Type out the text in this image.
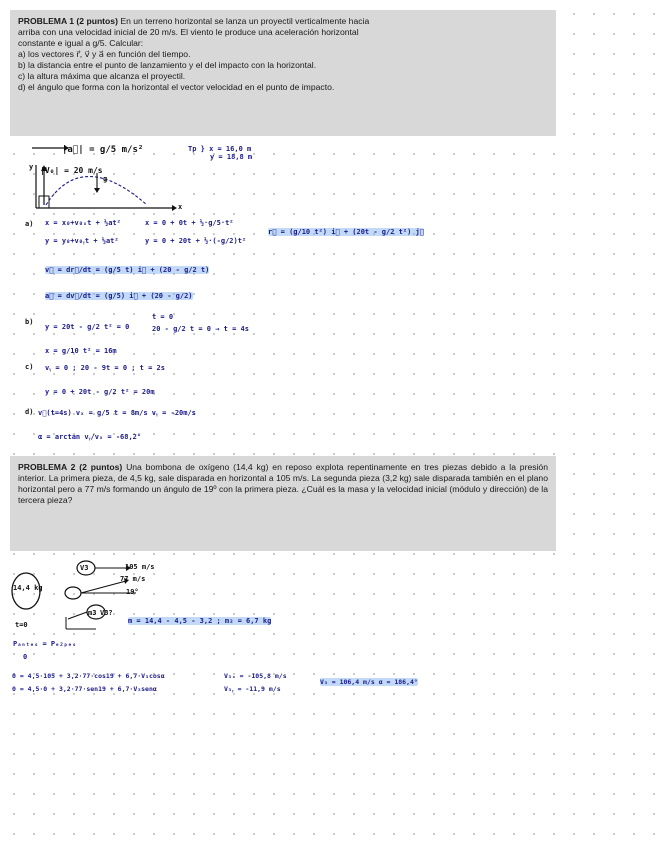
PROBLEMA 1 (2 puntos) En un terreno horizontal se lanza un proyectil verticalmente hacia
arriba con una velocidad inicial de 20 m/s. El viento le produce una aceleración horizontal
constante e igual a g/5. Calcular:
a) los vectores r⃗, v⃗ y a⃗ en función del tiempo.
b) la distancia entre el punto de lanzamiento y el del impacto con la horizontal.
c) la altura máxima que alcanza el proyectil.
d) el ángulo que forma con la horizontal el vector velocidad en el punto de impacto.
|a⃗| = g/5 m/s²	Tp } x = 16,0 m
y = 18,8 m
|V₀| = 20 m/s
g
y
x
a) x = x₀+v₀ₓt + ½at²
y = y₀+v₀ᵧt + ½at²
x = 0 + 0t + ½·g/5·t²
y = 0 + 20t + ½·(-g/2)t²
r⃗ = (g/10 t²) i⃗ + (20t - g/2 t²) j⃗
v⃗ = dr⃗/dt = (g/5 t) i⃗ + (20 - g/2 t)
a⃗ = dv⃗/dt = (g/5) i⃗ + (20 - g/2)
b)
y = 20t - g/2 t² = 0
t = 0
20 - g/2 t = 0 → t = 4s
x = g/10 t² = 16m
c) vᵧ = 0 ; 20 - 9t = 0 ; t = 2s
y = 0 + 20t - g/2 t² = 20m
d) v⃗(t=4s) vₓ = g/5 t = 8m/s vᵧ = -20m/s
α = arctan vᵧ/vₓ = -68,2°
PROBLEMA 2 (2 puntos) Una bombona de oxígeno (14,4 kg) en reposo explota repentinamente en tres piezas debido a la presión interior. La primera pieza, de 4,5 kg, sale disparada en horizontal a 105 m/s. La segunda pieza (3,2 kg) sale disparada también en el plano horizontal pero a 77 m/s formando un ángulo de 19º con la primera pieza. ¿Cuál es la masa y la velocidad inicial (módulo y dirección) de la tercera pieza?
105 m/s
77 m/s
V3
14,4 kg	19°
t=0
m3 V3?
m = 14,4 - 4,5 - 3,2 ; m₃ = 6,7 kg
Pₐₙₜₑₛ = Pₑ₂ₚₑₛ
0
0 = 4,5·105 + 3,2·77·cos19 + 6,7·V₃cosα
0 = 4,5·0 + 3,2·77·sen19 + 6,7·V₃senα
V₃ₓ = -105,8 m/s
V₃ᵧ = -11,9 m/s
V₃ = 106,4 m/s α = 186,4°
